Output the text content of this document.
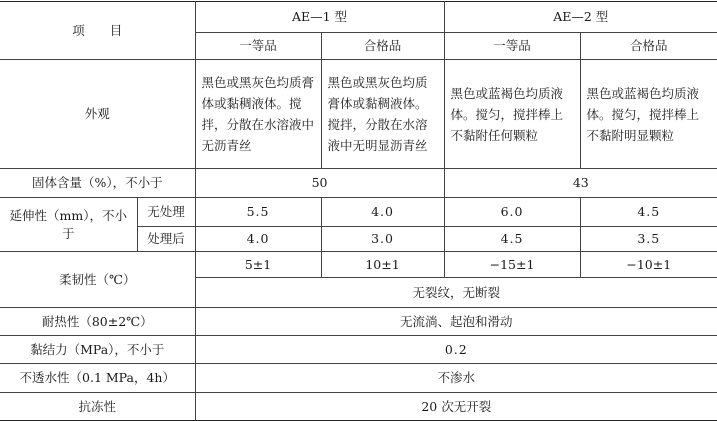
项　　目		AE—1 型		AE—2 型	
		一等品	合格品	一等品	合格品
外观		黑色或黑灰色均质膏体或黏稠液体。搅拌，分散在水溶液中无沥青丝	黑色或黑灰色均质膏体或黏稠液体。搅拌，分散在水溶液中无明显沥青丝	黑色或蓝褐色均质液体。搅匀，搅拌棒上不黏附任何颗粒	黑色或蓝褐色均质液体。搅匀，搅拌棒上不黏附明显颗粒
固体含量（%），不小于		50		43	
延伸性（mm），不小于	无处理	5.5	4.0	6.0	4.5
	处理后	4.0	3.0	4.5	3.5
柔韧性（℃）		5±1	10±1	−15±1	−10±1
		无裂纹，无断裂			
耐热性（80±2℃）		无流淌、起泡和滑动			
黏结力（MPa），不小于		0.2			
不透水性（0.1 MPa，4h）		不渗水			
抗冻性		20 次无开裂			
